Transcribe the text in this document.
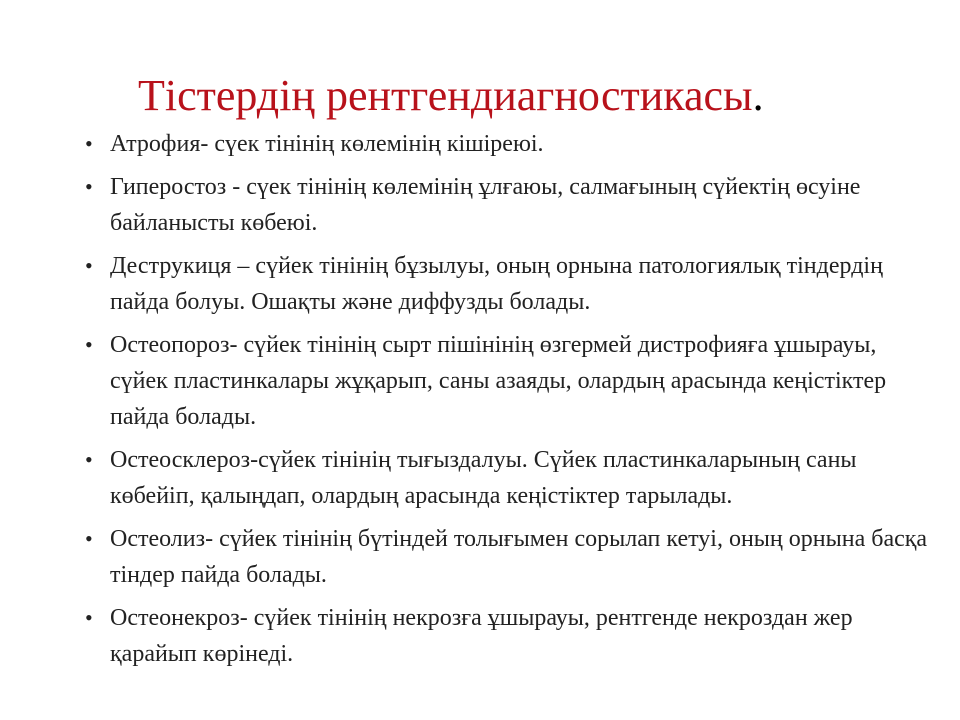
Тістердің рентгендиагностикасы.
• Атрофия- сүек тінінің көлемінің кішіреюі.
• Гиперостоз - сүек тінінің көлемінің ұлғаюы, салмағының сүйектің өсуіне байланысты көбеюі.
• Деструкиця – сүйек тінінің бұзылуы, оның орнына патологиялық тіндердің пайда болуы. Ошақты және диффузды болады.
• Остеопороз- сүйек тінінің сырт пішінінің өзгермей дистрофияға ұшырауы, сүйек пластинкалары жұқарып, саны азаяды, олардың арасында кеңістіктер пайда болады.
• Остеосклероз-сүйек тінінің тығыздалуы. Сүйек пластинкаларының саны көбейіп, қалыңдап, олардың арасында кеңістіктер тарылады.
• Остеолиз- сүйек тінінің бүтіндей толығымен сорылап кетуі, оның орнына басқа тіндер пайда болады.
• Остеонекроз- сүйек тінінің некрозға ұшырауы, рентгенде некроздан жер қарайып көрінеді.
